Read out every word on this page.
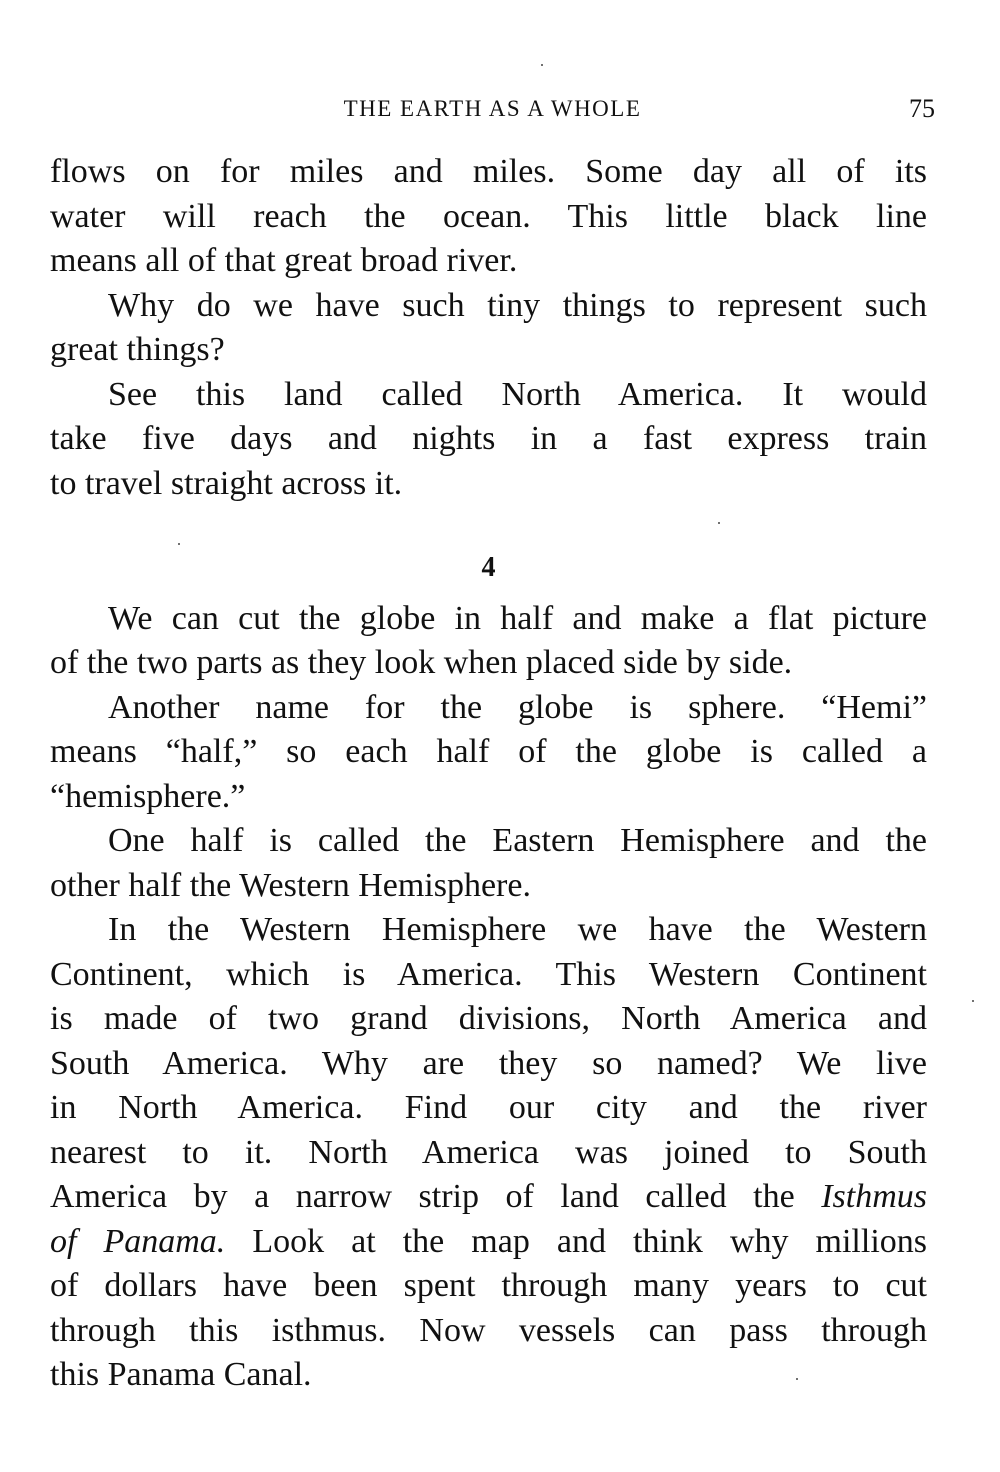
THE EARTH AS A WHOLE	75
flows on for miles and miles. Some day all of its
water will reach the ocean. This little black line
means all of that great broad river.
Why do we have such tiny things to represent such
great things?
See this land called North America. It would
take five days and nights in a fast express train
to travel straight across it.
4
We can cut the globe in half and make a flat picture
of the two parts as they look when placed side by side.
Another name for the globe is sphere. “Hemi”
means “half,” so each half of the globe is called a
“hemisphere.”
One half is called the Eastern Hemisphere and the
other half the Western Hemisphere.
In the Western Hemisphere we have the Western
Continent, which is America. This Western Continent
is made of two grand divisions, North America and
South America. Why are they so named? We live
in North America. Find our city and the river
nearest to it. North America was joined to South
America by a narrow strip of land called the Isthmus
of Panama. Look at the map and think why millions
of dollars have been spent through many years to cut
through this isthmus. Now vessels can pass through
this Panama Canal.
